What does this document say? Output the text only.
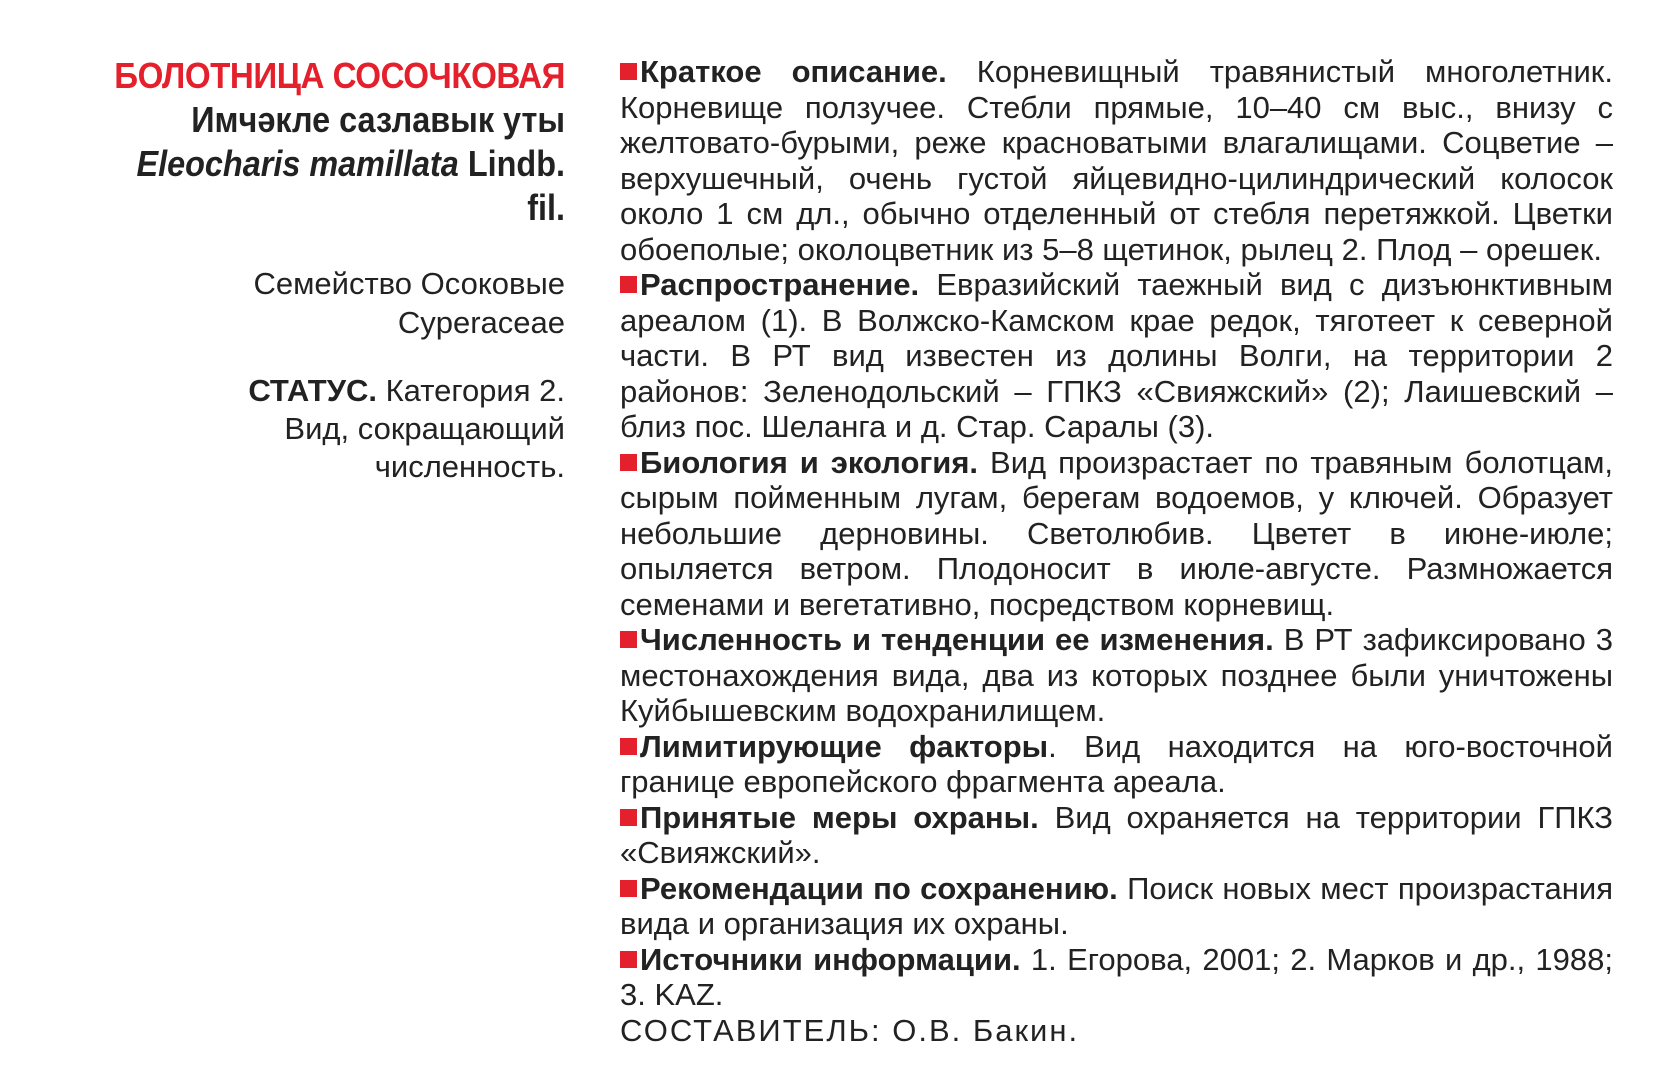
БОЛОТНИЦА СОСОЧКОВАЯ

Имчәкле сазлавык уты

Eleocharis mamillata Lindb. fil.

Семейство Осоковые
Cyperaceae
СТАТУС. Категория 2.
Вид, сокращающий
численность.

Краткое описание. Корневищный травянистый многолетник. Корневище ползучее. Стебли прямые, 10–40 см выс., внизу с желтовато-бурыми, реже красноватыми влагалищами. Соцветие – верхушечный, очень густой яйцевидно-цилиндрический колосок около 1 см дл., обычно отделенный от стебля перетяжкой. Цветки обоеполые; околоцветник из 5–8 щетинок, рылец 2. Плод – орешек.

Распространение. Евразийский таежный вид с дизъюнктивным ареалом (1). В Волжско-Камском крае редок, тяготеет к северной части. В РТ вид известен из долины Волги, на территории 2 районов: Зеленодольский – ГПКЗ «Свияжский» (2); Лаишевский – близ пос. Шеланга и д. Стар. Саралы (3).

Биология и экология. Вид произрастает по травяным болотцам, сырым пойменным лугам, берегам водоемов, у ключей. Образует небольшие дерновины. Светолюбив. Цветет в июне-июле; опыляется ветром. Плодоносит в июле-августе. Размножается семенами и вегетативно, посредством корневищ.

Численность и тенденции ее изменения. В РТ зафиксировано 3 местонахождения вида, два из которых позднее были уничтожены Куйбышевским водохранилищем.

Лимитирующие факторы. Вид находится на юго-восточной границе европейского фрагмента ареала.

Принятые меры охраны. Вид охраняется на территории ГПКЗ «Свияжский».

Рекомендации по сохранению. Поиск новых мест произрастания вида и организация их охраны.

Источники информации. 1. Егорова, 2001; 2. Марков и др., 1988; 3. KAZ.

СОСТАВИТЕЛЬ: О.В. Бакин.
